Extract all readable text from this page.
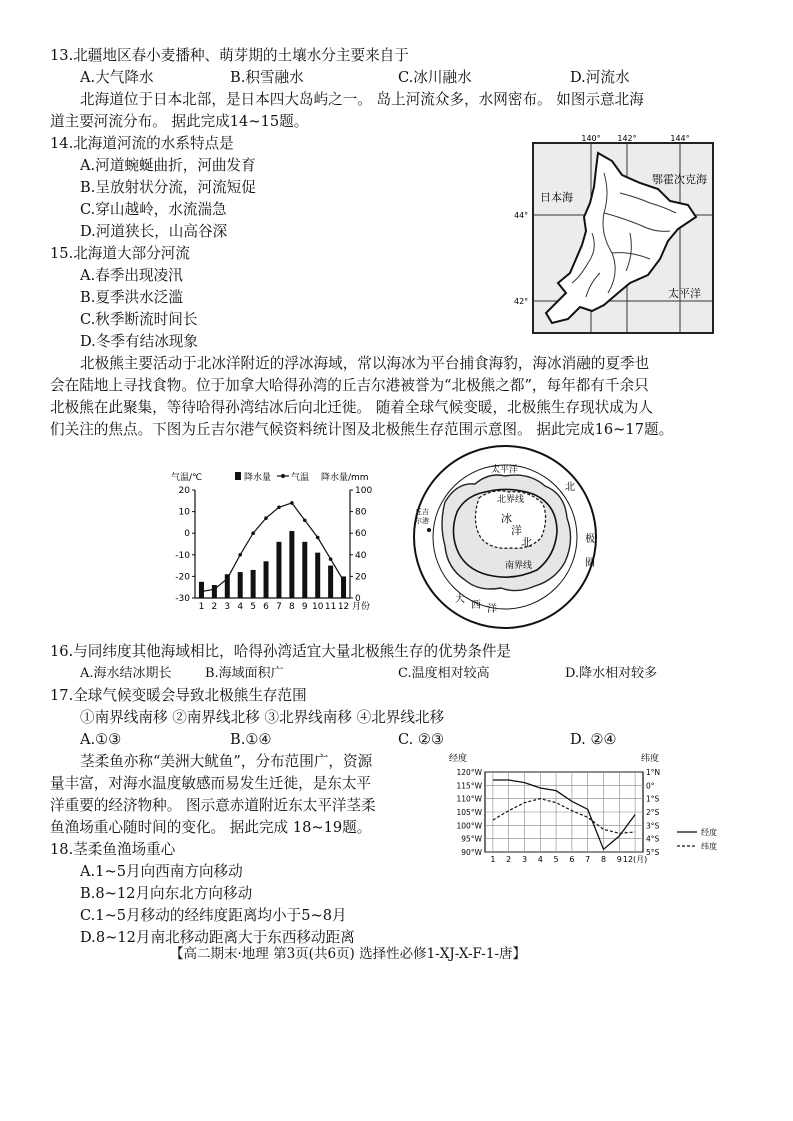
13.北疆地区春小麦播种、萌芽期的土壤水分主要来自于
A.大气降水	B.积雪融水	C.冰川融水	D.河流水
北海道位于日本北部，是日本四大岛屿之一。 岛上河流众多，水网密布。 如图示意北海
道主要河流分布。 据此完成14~15题。
14.北海道河流的水系特点是
A.河道蜿蜒曲折，河曲发育
B.呈放射状分流，河流短促
C.穿山越岭，水流湍急
D.河道狭长，山高谷深
15.北海道大部分河流
A.春季出现凌汛
B.夏季洪水泛滥
C.秋季断流时间长
D.冬季有结冰现象
140° 142°	144°
44°
42°
日本海
鄂霍次克海
太平洋
北极熊主要活动于北冰洋附近的浮冰海域，常以海冰为平台捕食海豹，海冰消融的夏季也
会在陆地上寻找食物。位于加拿大哈得孙湾的丘吉尔港被誉为“北极熊之都”，每年都有千余只
北极熊在此聚集，等待哈得孙湾结冰后向北迁徙。 随着全球气候变暖，北极熊生存现状成为人
们关注的焦点。下图为丘吉尔港气候资料统计图及北极熊生存范围示意图。 据此完成16~17题。
气温/℃	降水量 气温 降水量/mm
20
10
0
-10
-20
-30
100
80
60
40
20
0
1 2 3 4 5 6 7 8 9 10 11 12 月份
太平洋
北界线
北
冰
洋
北	极
圈
丘吉
尔港
南界线
大
西 洋
16.与同纬度其他海域相比，哈得孙湾适宜大量北极熊生存的优势条件是
A.海水结冰期长	B.海域面积广	C.温度相对较高	D.降水相对较多
17.全球气候变暖会导致北极熊生存范围
①南界线南移 ②南界线北移 ③北界线南移 ④北界线北移
A.①③	B.①④	C. ②③	D. ②④
茎柔鱼亦称“美洲大鱿鱼”，分布范围广，资源
量丰富，对海水温度敏感而易发生迁徙，是东太平
洋重要的经济物种。 图示意赤道附近东太平洋茎柔
鱼渔场重心随时间的变化。 据此完成 18~19题。
经度	纬度
120°W
115°W
110°W
105°W
100°W
95°W
90°W
1°N
0°
1°S
2°S
3°S
4°S
5°S
1 2 3 4 5 6 7 8 9 12(月)
经度
纬度
18.茎柔鱼渔场重心
A.1~5月向西南方向移动
B.8~12月向东北方向移动
C.1~5月移动的经纬度距离均小于5~8月
D.8~12月南北移动距离大于东西移动距离
【高二期末·地理 第3页(共6页) 选择性必修1-XJ-X-F-1-唐】
